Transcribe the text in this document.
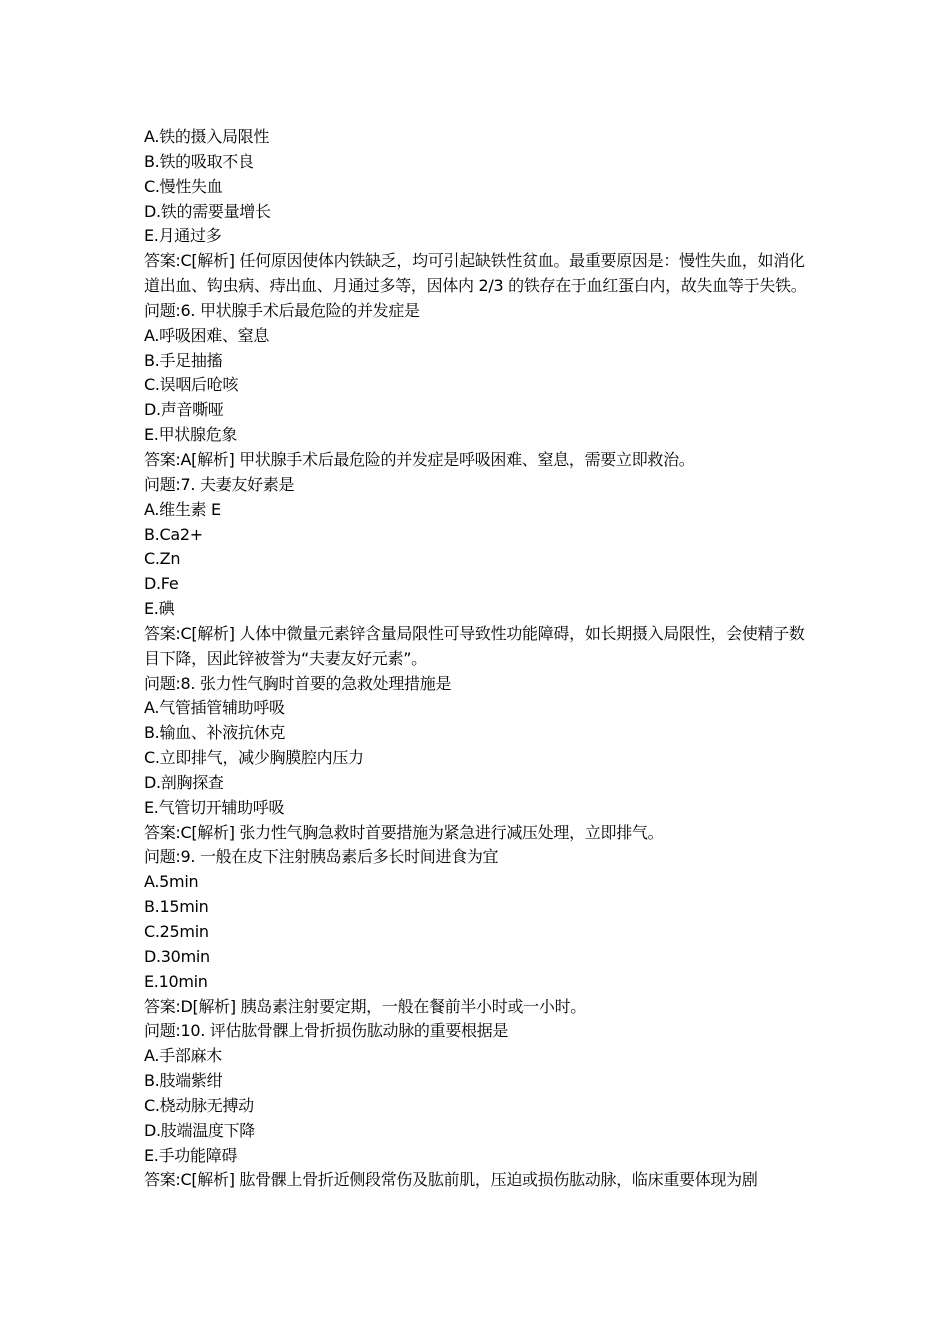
A.铁的摄入局限性
B.铁的吸取不良
C.慢性失血
D.铁的需要量增长
E.月通过多
答案:C[解析] 任何原因使体内铁缺乏，均可引起缺铁性贫血。最重要原因是：慢性失血，如消化道出血、钩虫病、痔出血、月通过多等，因体内 2/3 的铁存在于血红蛋白内，故失血等于失铁。
问题:6. 甲状腺手术后最危险的并发症是
A.呼吸困难、窒息
B.手足抽搐
C.误咽后呛咳
D.声音嘶哑
E.甲状腺危象
答案:A[解析] 甲状腺手术后最危险的并发症是呼吸困难、窒息，需要立即救治。
问题:7. 夫妻友好素是
A.维生素 E
B.Ca2+
C.Zn
D.Fe
E.碘
答案:C[解析] 人体中微量元素锌含量局限性可导致性功能障碍，如长期摄入局限性，会使精子数目下降，因此锌被誉为“夫妻友好元素”。
问题:8. 张力性气胸时首要的急救处理措施是
A.气管插管辅助呼吸
B.输血、补液抗休克
C.立即排气，减少胸膜腔内压力
D.剖胸探查
E.气管切开辅助呼吸
答案:C[解析] 张力性气胸急救时首要措施为紧急进行减压处理，立即排气。
问题:9. 一般在皮下注射胰岛素后多长时间进食为宜
A.5min
B.15min
C.25min
D.30min
E.10min
答案:D[解析] 胰岛素注射要定期，一般在餐前半小时或一小时。
问题:10. 评估肱骨髁上骨折损伤肱动脉的重要根据是
A.手部麻木
B.肢端紫绀
C.桡动脉无搏动
D.肢端温度下降
E.手功能障碍
答案:C[解析] 肱骨髁上骨折近侧段常伤及肱前肌，压迫或损伤肱动脉，临床重要体现为剧
